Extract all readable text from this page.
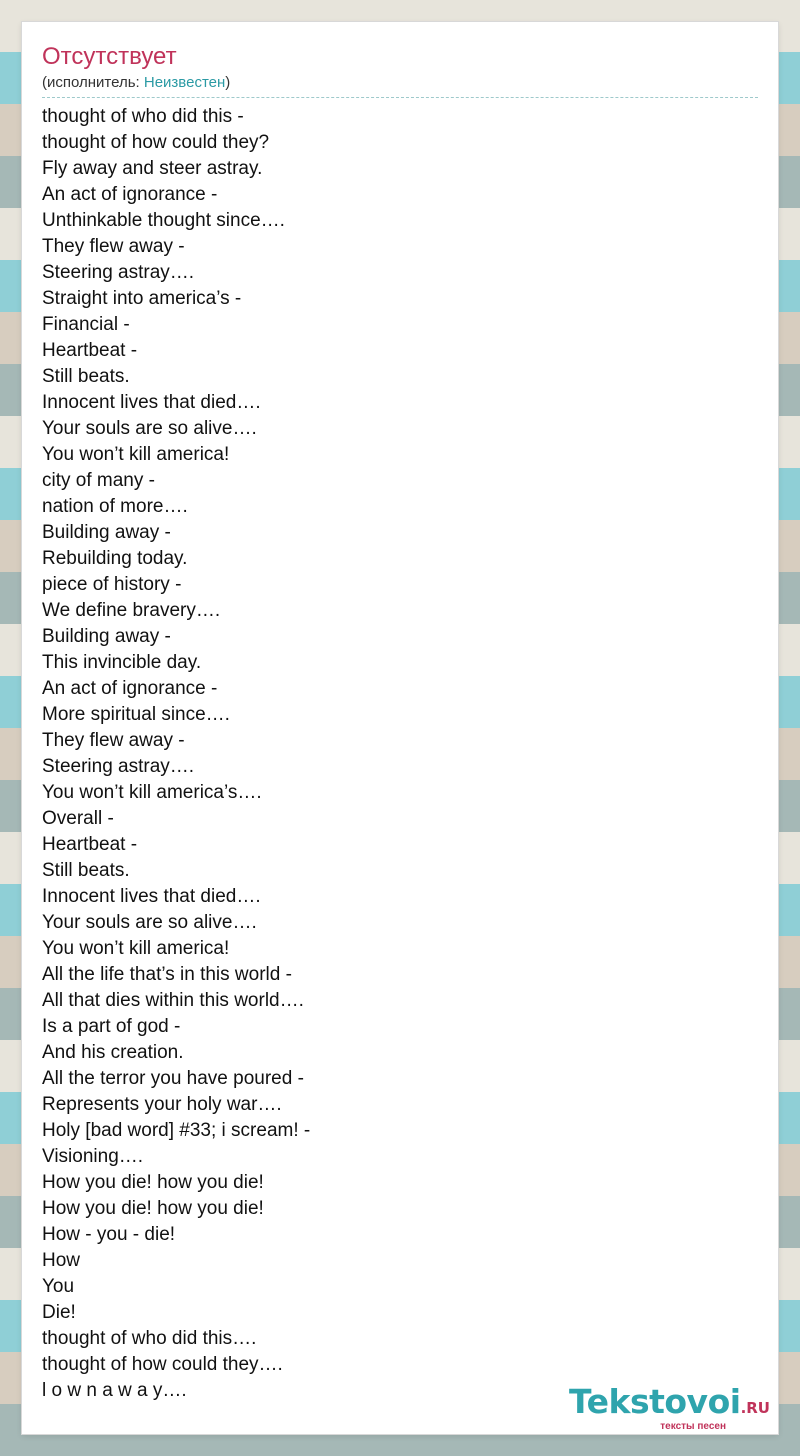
Отсутствует
(исполнитель: Неизвестен)
thought of who did this -
thought of how could they?
Fly away and steer astray.
An act of ignorance -
Unthinkable thought since….
They flew away -
Steering astray….
Straight into america’s -
Financial -
Heartbeat -
Still beats.
Innocent lives that died….
Your souls are so alive….
You won’t kill america!
city of many -
nation of more….
Building away -
Rebuilding today.
piece of history -
We define bravery….
Building away -
This invincible day.
An act of ignorance -
More spiritual since….
They flew away -
Steering astray….
You won’t kill america’s….
Overall -
Heartbeat -
Still beats.
Innocent lives that died….
Your souls are so alive….
You won’t kill america!
All the life that’s in this world -
All that dies within this world….
Is a part of god -
And his creation.
All the terror you have poured -
Represents your holy war….
Holy [bad word] #33; i scream! -
Visioning….
How you die! how you die!
How you die! how you die!
How - you - die!
How
You
Die!
thought of who did this….
thought of how could they….
l o w n a w a y….	Tekstovoi.RU
тексты песен
